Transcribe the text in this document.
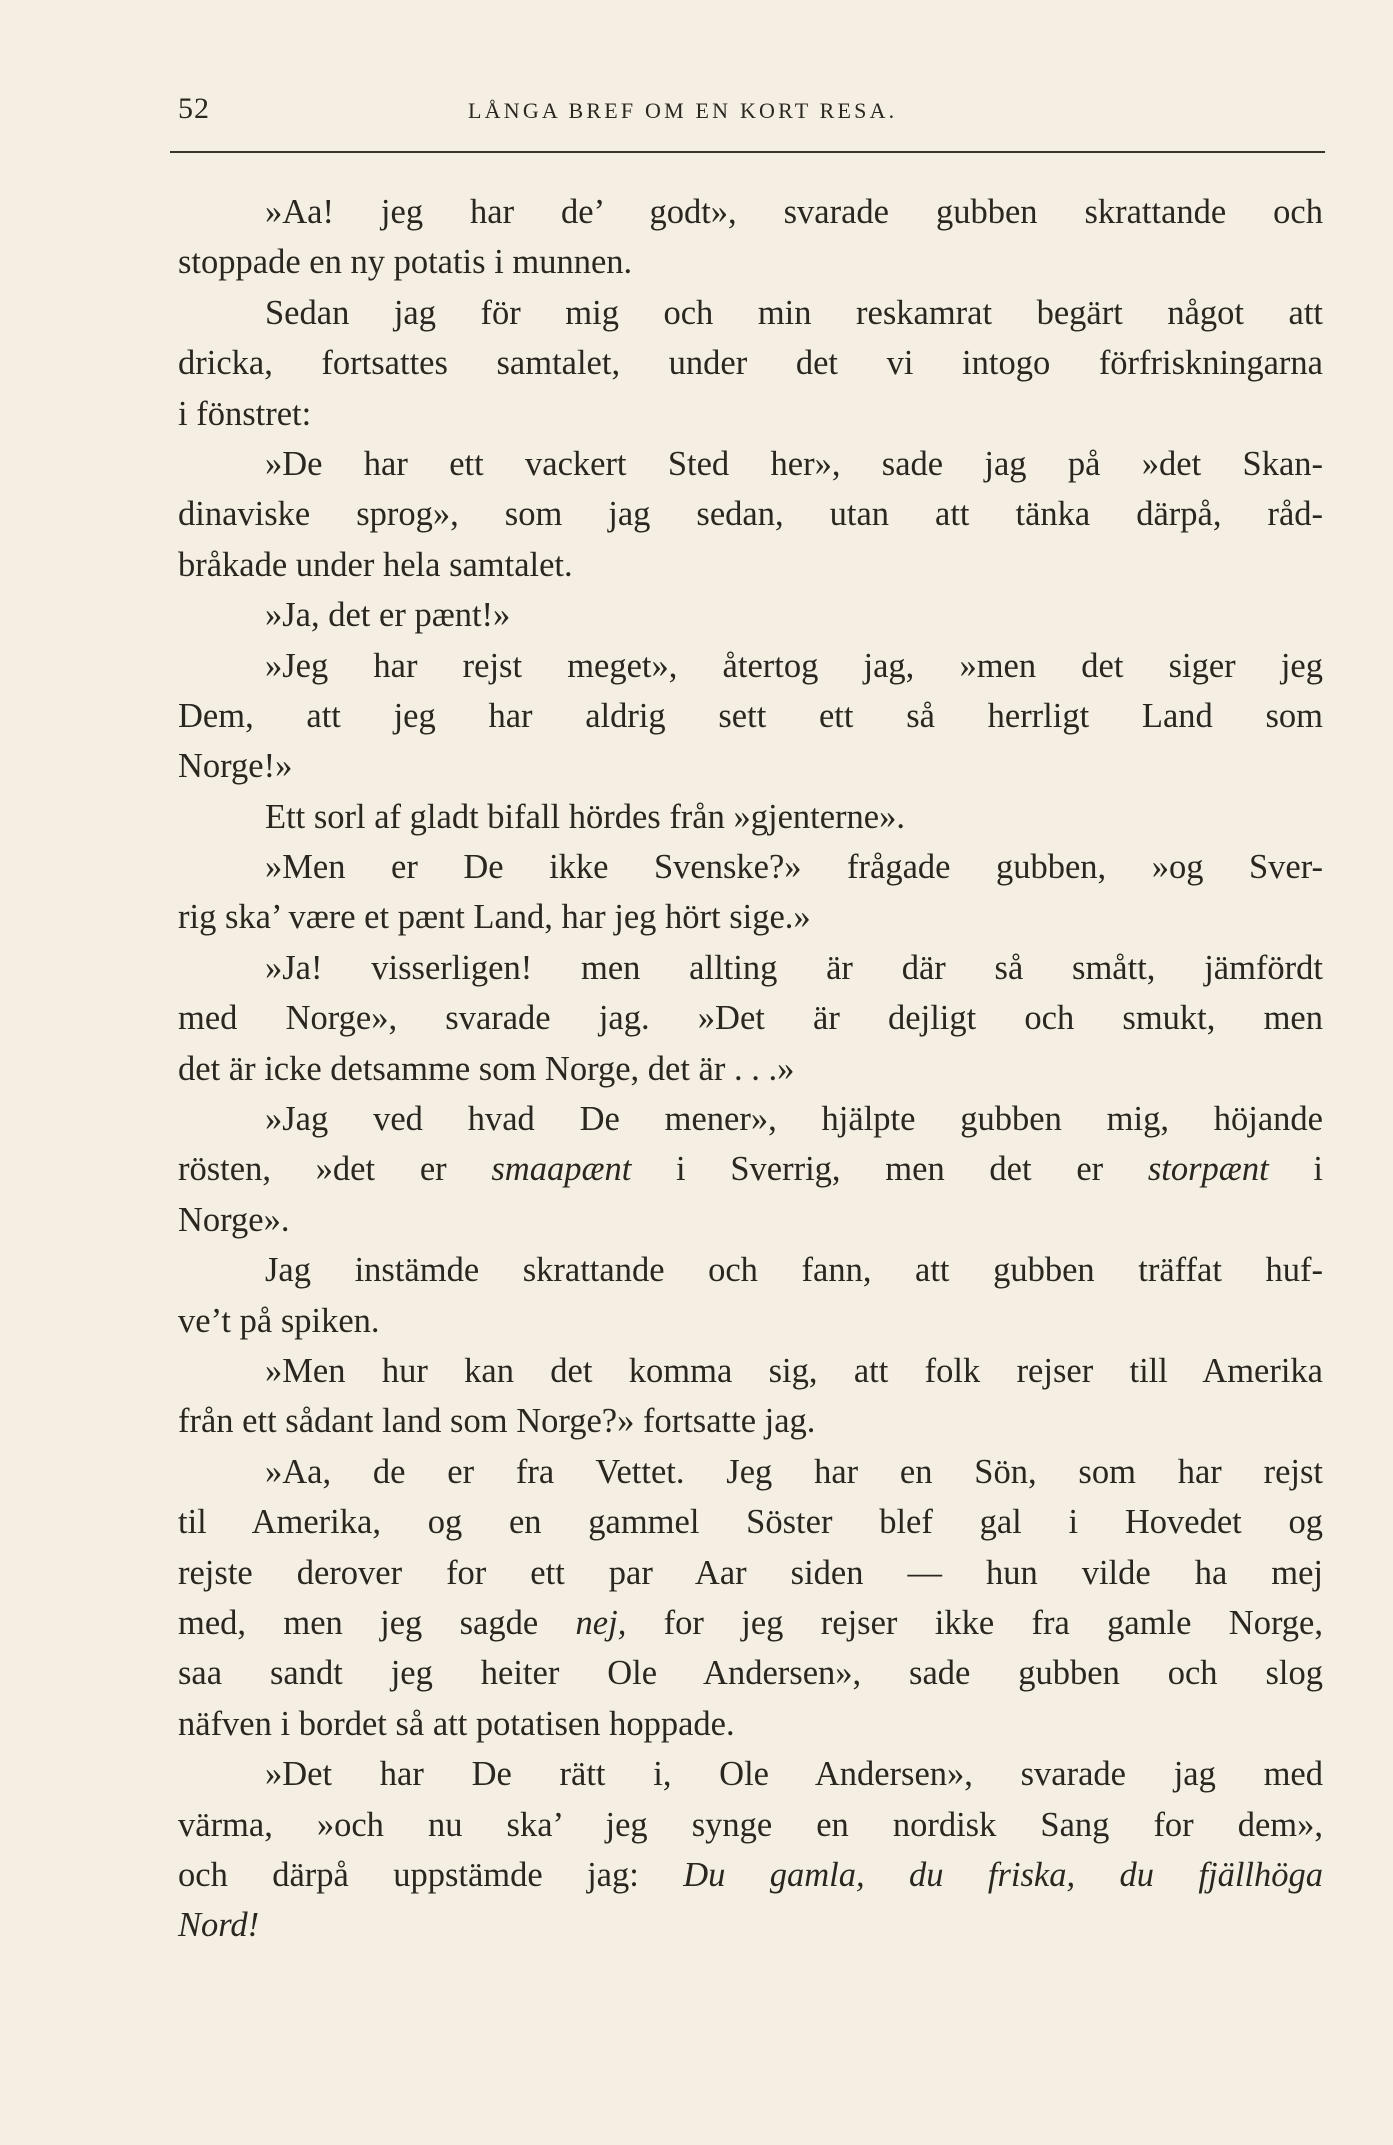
52	LÅNGA BREF OM EN KORT RESA.
»Aa! jeg har de’ godt», svarade gubben skrattande och
stoppade en ny potatis i munnen.
Sedan jag för mig och min reskamrat begärt något att
dricka, fortsattes samtalet, under det vi intogo förfriskningarna
i fönstret:
»De har ett vackert Sted her», sade jag på »det Skan-
dinaviske sprog», som jag sedan, utan att tänka därpå, råd-
bråkade under hela samtalet.
»Ja, det er pænt!»
»Jeg har rejst meget», återtog jag, »men det siger jeg
Dem, att jeg har aldrig sett ett så herrligt Land som
Norge!»
Ett sorl af gladt bifall hördes från »gjenterne».
»Men er De ikke Svenske?» frågade gubben, »og Sver-
rig ska’ være et pænt Land, har jeg hört sige.»
»Ja! visserligen! men allting är där så smått, jämfördt
med Norge», svarade jag. »Det är dejligt och smukt, men
det är icke detsamme som Norge, det är . . .»
»Jag ved hvad De mener», hjälpte gubben mig, höjande
rösten, »det er smaapænt i Sverrig, men det er storpænt i
Norge».
Jag instämde skrattande och fann, att gubben träffat huf-
ve’t på spiken.
»Men hur kan det komma sig, att folk rejser till Amerika
från ett sådant land som Norge?» fortsatte jag.
»Aa, de er fra Vettet. Jeg har en Sön, som har rejst
til Amerika, og en gammel Söster blef gal i Hovedet og
rejste derover for ett par Aar siden — hun vilde ha mej
med, men jeg sagde nej, for jeg rejser ikke fra gamle Norge,
saa sandt jeg heiter Ole Andersen», sade gubben och slog
näfven i bordet så att potatisen hoppade.
»Det har De rätt i, Ole Andersen», svarade jag med
värma, »och nu ska’ jeg synge en nordisk Sang for dem»,
och därpå uppstämde jag: Du gamla, du friska, du fjällhöga
Nord!
